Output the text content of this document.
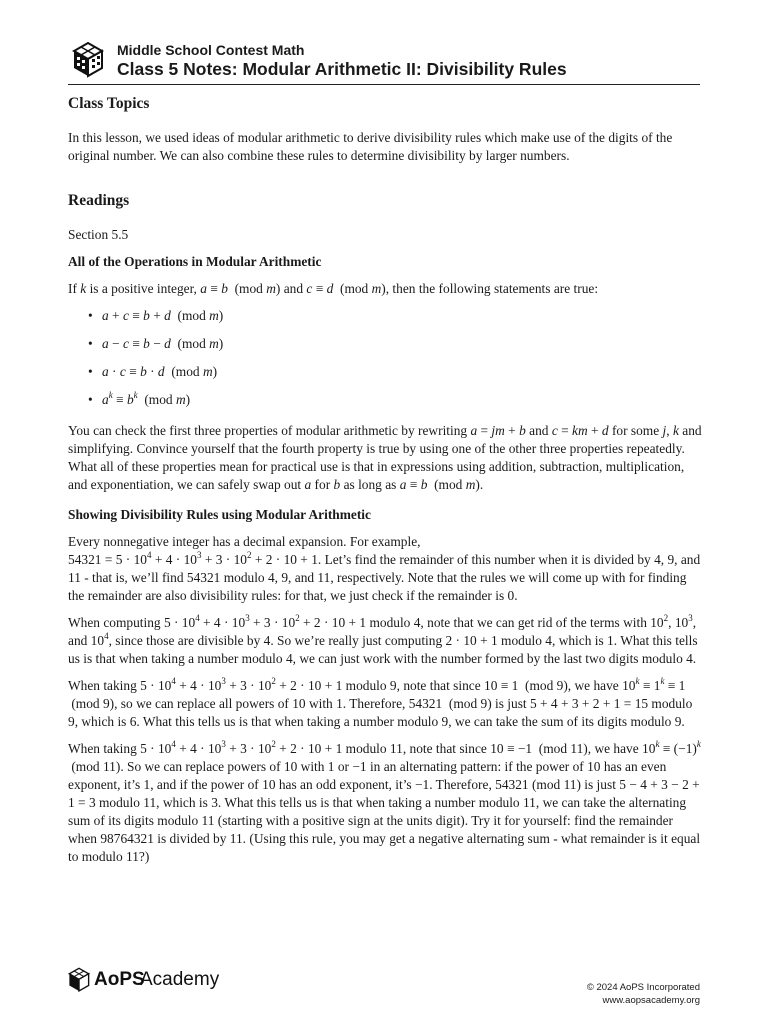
Middle School Contest Math
Class 5 Notes: Modular Arithmetic II: Divisibility Rules
Class Topics

In this lesson, we used ideas of modular arithmetic to derive divisibility rules which make use of the digits of the original number. We can also combine these rules to determine divisibility by larger numbers.

Readings

Section 5.5

All of the Operations in Modular Arithmetic

If k is a positive integer, a ≡ b  (mod m) and c ≡ d  (mod m), then the following statements are true:

• a + c ≡ b + d  (mod m)
• a − c ≡ b − d  (mod m)
• a · c ≡ b · d  (mod m)
• $a^k \equiv b^k$  (mod m)

You can check the first three properties of modular arithmetic by rewriting a = jm + b and c = km + d for some j, k and simplifying. Convince yourself that the fourth property is true by using one of the other three properties repeatedly. What all of these properties mean for practical use is that in expressions using addition, subtraction, multiplication, and exponentiation, we can safely swap out a for b as long as a ≡ b  (mod m).

Showing Divisibility Rules using Modular Arithmetic

Every nonnegative integer has a decimal expansion. For example,
$54321 = 5 \cdot 10^4 + 4 \cdot 10^3 + 3 \cdot 10^2 + 2 \cdot 10 + 1$. Let’s find the remainder of this number when it is divided by 4, 9, and 11 - that is, we’ll find 54321 modulo 4, 9, and 11, respectively. Note that the rules we will come up with for finding the remainder are also divisibility rules: for that, we just check if the remainder is 0.

When computing $5 \cdot 10^4 + 4 \cdot 10^3 + 3 \cdot 10^2 + 2 \cdot 10 + 1$ modulo 4, note that we can get rid of the terms with $10^2$, $10^3$, and $10^4$, since those are divisible by 4. So we’re really just computing 2 · 10 + 1 modulo 4, which is 1. What this tells us is that when taking a number modulo 4, we can just work with the number formed by the last two digits modulo 4.

When taking $5 \cdot 10^4 + 4 \cdot 10^3 + 3 \cdot 10^2 + 2 \cdot 10 + 1$ modulo 9, note that since 10 ≡ 1  (mod 9), we have $10^k \equiv 1^k \equiv 1$  (mod 9), so we can replace all powers of 10 with 1. Therefore, 54321  (mod 9) is just 5 + 4 + 3 + 2 + 1 = 15 modulo 9, which is 6. What this tells us is that when taking a number modulo 9, we can take the sum of its digits modulo 9.

When taking $5 \cdot 10^4 + 4 \cdot 10^3 + 3 \cdot 10^2 + 2 \cdot 10 + 1$ modulo 11, note that since 10 ≡ −1  (mod 11), we have $10^k \equiv (-1)^k$  (mod 11). So we can replace powers of 10 with 1 or −1 in an alternating pattern: if the power of 10 has an even exponent, it’s 1, and if the power of 10 has an odd exponent, it’s −1. Therefore, 54321 (mod 11) is just 5 − 4 + 3 − 2 + 1 = 3 modulo 11, which is 3. What this tells us is that when taking a number modulo 11, we can take the alternating sum of its digits modulo 11 (starting with a positive sign at the units digit). Try it for yourself: find the remainder when 98764321 is divided by 11. (Using this rule, you may get a negative alternating sum - what remainder is it equal to modulo 11?)

AoPS
Academy	© 2024 AoPS Incorporated
www.aopsacademy.org
